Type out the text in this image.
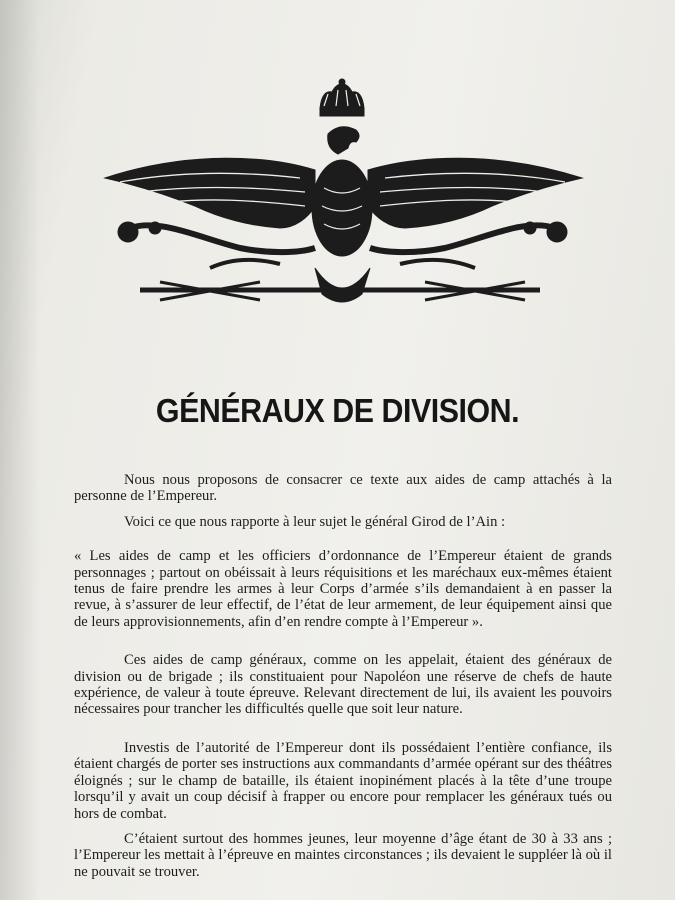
GÉNÉRAUX DE DIVISION.

Nous nous proposons de consacrer ce texte aux aides de camp attachés à la personne de l’Empereur.

Voici ce que nous rapporte à leur sujet le général Girod de l’Ain :

« Les aides de camp et les officiers d’ordonnance de l’Empereur étaient de grands personnages ; partout on obéissait à leurs réquisitions et les maréchaux eux-mêmes étaient tenus de faire prendre les armes à leur Corps d’armée s’ils demandaient à en passer la revue, à s’assurer de leur effectif, de l’état de leur armement, de leur équipement ainsi que de leurs approvisionnements, afin d’en rendre compte à l’Empereur ».

Ces aides de camp généraux, comme on les appelait, étaient des généraux de division ou de brigade ; ils constituaient pour Napoléon une réserve de chefs de haute expérience, de valeur à toute épreuve. Relevant directement de lui, ils avaient les pouvoirs nécessaires pour trancher les difficultés quelle que soit leur nature.

Investis de l’autorité de l’Empereur dont ils possédaient l’entière confiance, ils étaient chargés de porter ses instructions aux commandants d’armée opérant sur des théâtres éloignés ; sur le champ de bataille, ils étaient inopinément placés à la tête d’une troupe lorsqu’il y avait un coup décisif à frapper ou encore pour remplacer les généraux tués ou hors de combat.

C’étaient surtout des hommes jeunes, leur moyenne d’âge étant de 30 à 33 ans ; l’Empereur les mettait à l’épreuve en maintes circonstances ; ils devaient le suppléer là où il ne pouvait se trouver.
